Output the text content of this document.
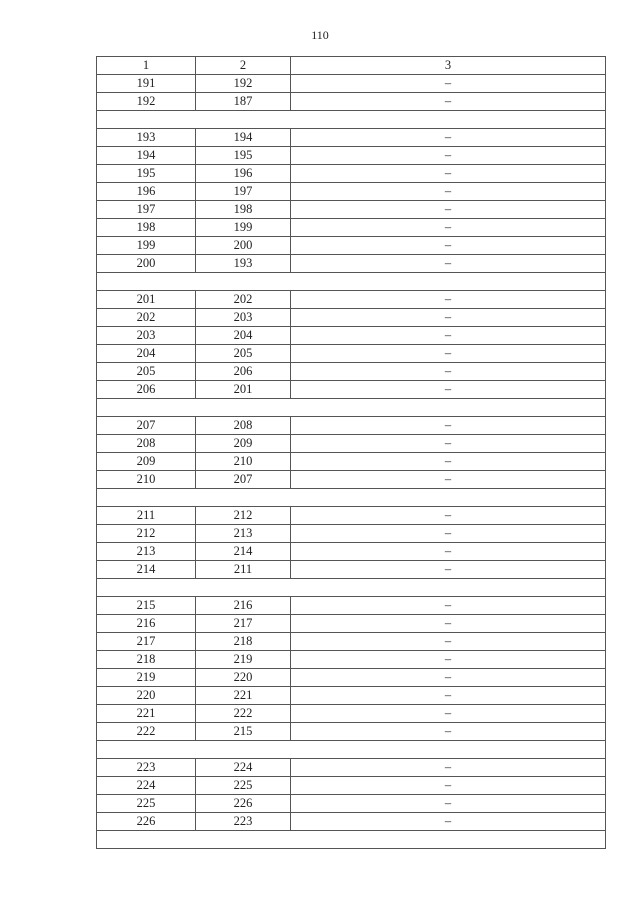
110
1	2	3
191	192	–
192	187	–

193	194	–
194	195	–
195	196	–
196	197	–
197	198	–
198	199	–
199	200	–
200	193	–

201	202	–
202	203	–
203	204	–
204	205	–
205	206	–
206	201	–

207	208	–
208	209	–
209	210	–
210	207	–

211	212	–
212	213	–
213	214	–
214	211	–

215	216	–
216	217	–
217	218	–
218	219	–
219	220	–
220	221	–
221	222	–
222	215	–

223	224	–
224	225	–
225	226	–
226	223	–
